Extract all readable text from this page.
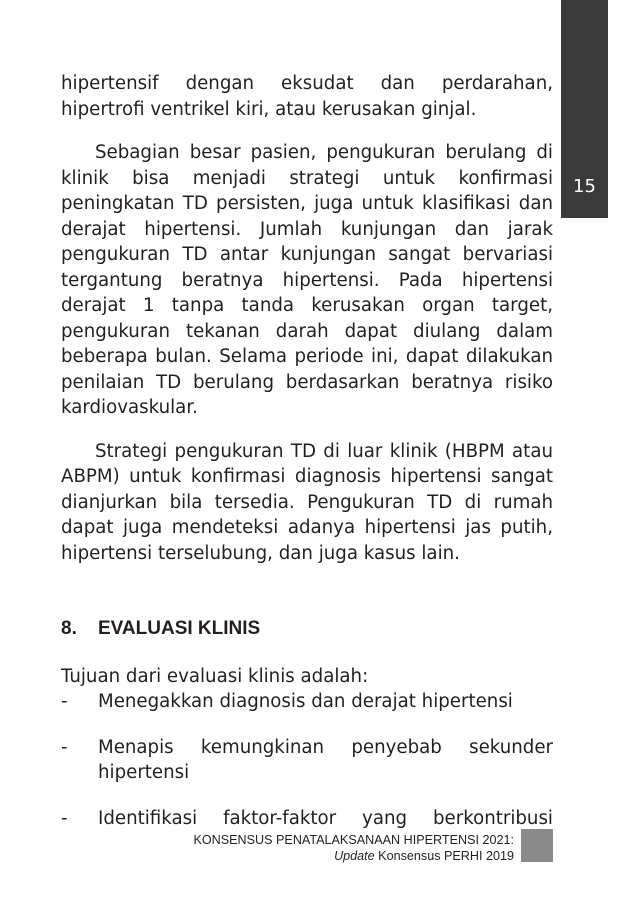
15

hipertensif dengan eksudat dan perdarahan, hipertrofi ventrikel kiri, atau kerusakan ginjal.

Sebagian besar pasien, pengukuran berulang di klinik bisa menjadi strategi untuk konfirmasi peningkatan TD persisten, juga untuk klasifikasi dan derajat hipertensi. Jumlah kunjungan dan jarak pengukuran TD antar kunjungan sangat bervariasi tergantung beratnya hipertensi. Pada hipertensi derajat 1 tanpa tanda kerusakan organ target, pengukuran tekanan darah dapat diulang dalam beberapa bulan. Selama periode ini, dapat dilakukan penilaian TD berulang berdasarkan beratnya risiko kardiovaskular.

Strategi pengukuran TD di luar klinik (HBPM atau ABPM) untuk konfirmasi diagnosis hipertensi sangat dianjurkan bila tersedia. Pengukuran TD di rumah dapat juga mendeteksi adanya hipertensi jas putih, hipertensi terselubung, dan juga kasus lain.

8.	EVALUASI KLINIS

Tujuan dari evaluasi klinis adalah:

-	Menegakkan diagnosis dan derajat hipertensi
-	Menapis kemungkinan penyebab sekunder hipertensi
-	Identifikasi faktor-faktor yang berkontribusi
KONSENSUS PENATALAKSANAAN HIPERTENSI 2021:
Update Konsensus PERHI 2019
